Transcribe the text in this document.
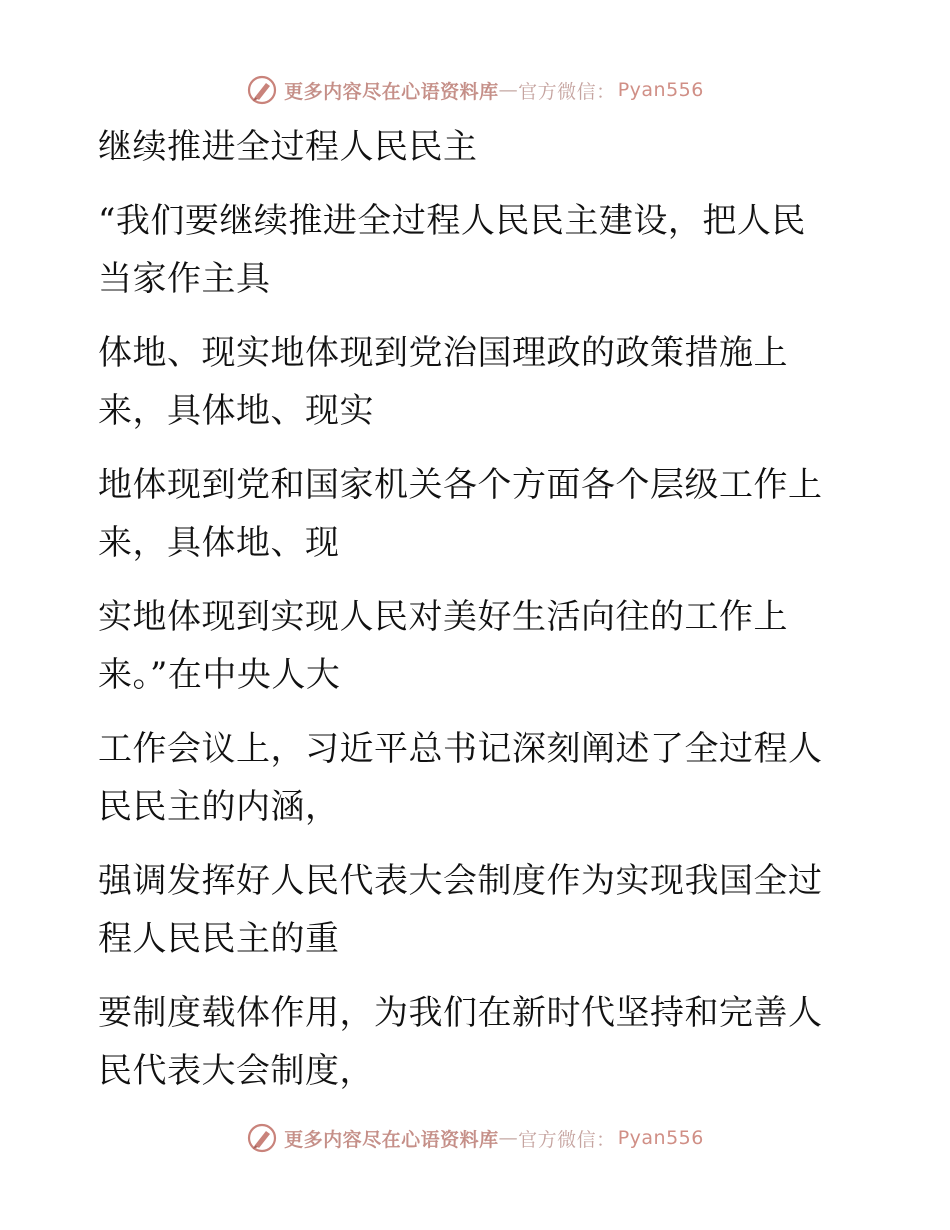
更多内容尽在心语资料库 — 官方微信： Pyan556
继续推进全过程人民民主
“我们要继续推进全过程人民民主建设，把人民
当家作主具
体地、现实地体现到党治国理政的政策措施上
来，具体地、现实
地体现到党和国家机关各个方面各个层级工作上
来，具体地、现
实地体现到实现人民对美好生活向往的工作上
来。”在中央人大
工作会议上，习近平总书记深刻阐述了全过程人
民民主的内涵，
强调发挥好人民代表大会制度作为实现我国全过
程人民民主的重
要制度载体作用，为我们在新时代坚持和完善人
民代表大会制度，
更多内容尽在心语资料库 — 官方微信： Pyan556
